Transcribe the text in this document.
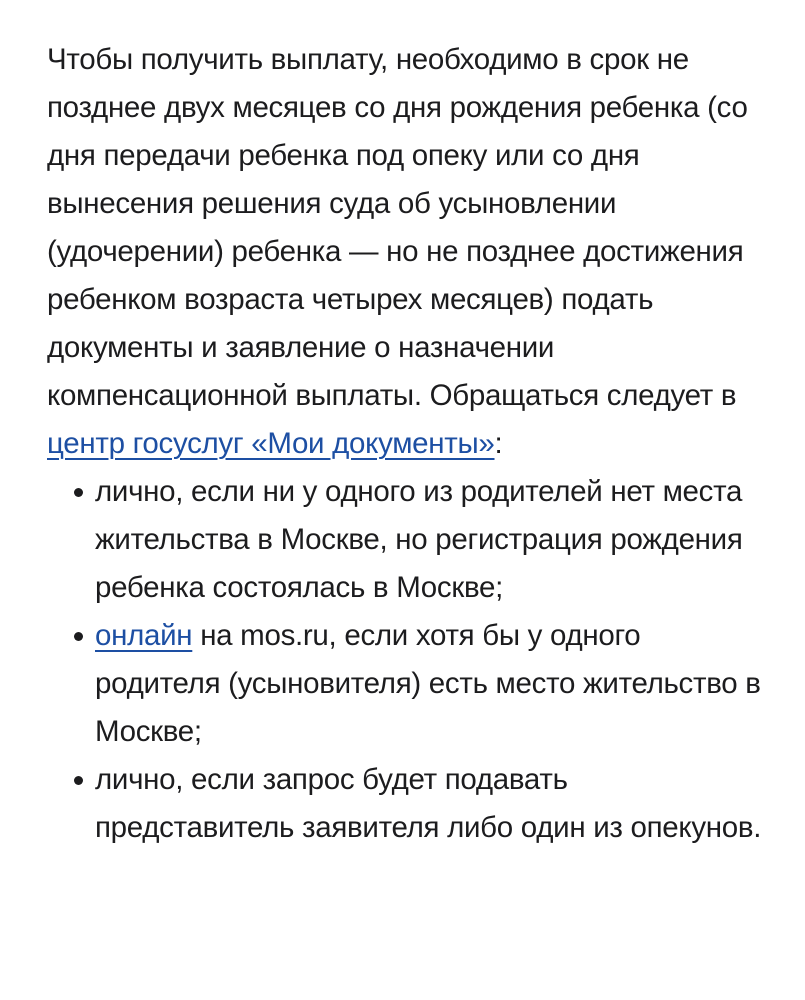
Чтобы получить выплату, необходимо в срок не позднее двух месяцев со дня рождения ребенка (со дня передачи ребенка под опеку или со дня вынесения решения суда об усыновлении (удочерении) ребенка — но не позднее достижения ребенком возраста четырех месяцев) подать документы и заявление о назначении компенсационной выплаты. Обращаться следует в центр госуслуг «Мои документы»:

лично, если ни у одного из родителей нет места жительства в Москве, но регистрация рождения ребенка состоялась в Москве;
онлайн на mos.ru, если хотя бы у одного родителя (усыновителя) есть место жительство в Москве;
лично, если запрос будет подавать представитель заявителя либо один из опекунов.
